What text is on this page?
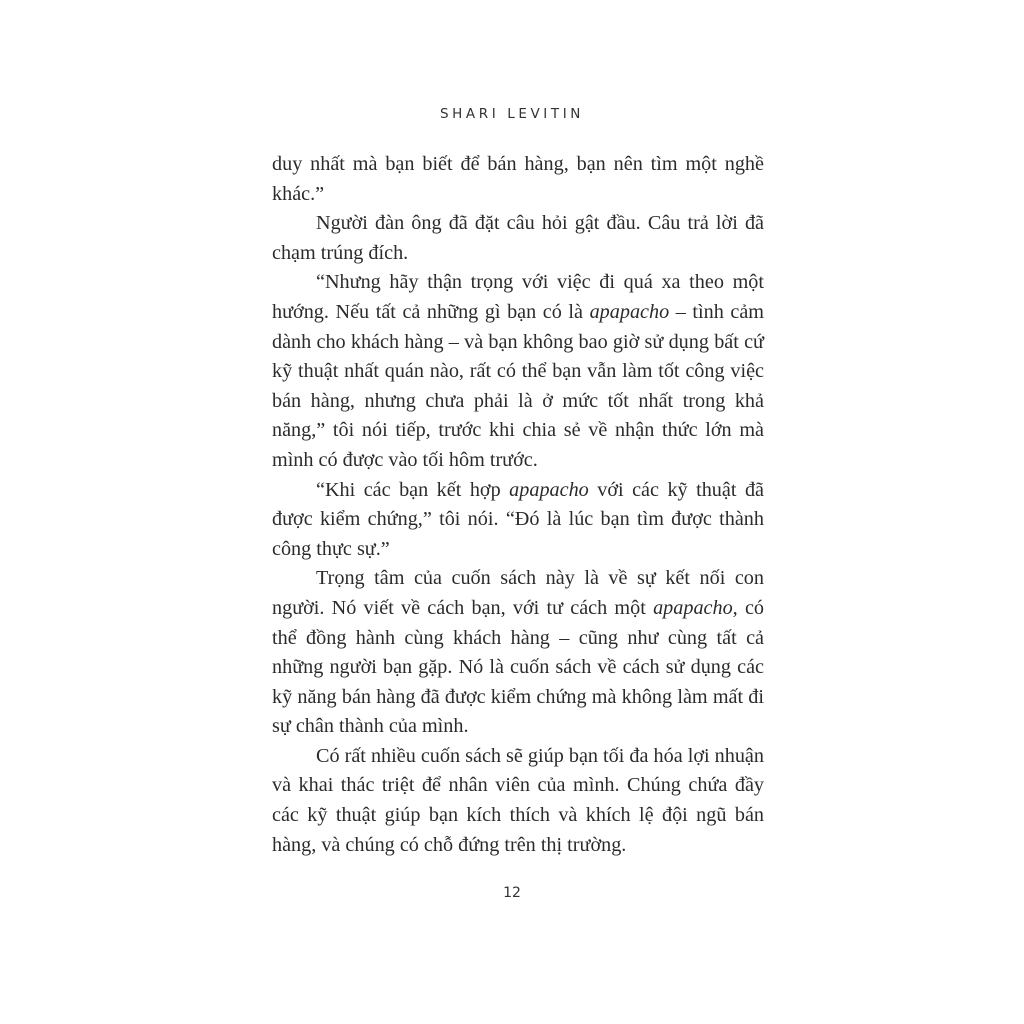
SHARI LEVITIN

duy nhất mà bạn biết để bán hàng, bạn nên tìm một nghề khác.”

Người đàn ông đã đặt câu hỏi gật đầu. Câu trả lời đã chạm trúng đích.

“Nhưng hãy thận trọng với việc đi quá xa theo một hướng. Nếu tất cả những gì bạn có là apapacho – tình cảm dành cho khách hàng – và bạn không bao giờ sử dụng bất cứ kỹ thuật nhất quán nào, rất có thể bạn vẫn làm tốt công việc bán hàng, nhưng chưa phải là ở mức tốt nhất trong khả năng,” tôi nói tiếp, trước khi chia sẻ về nhận thức lớn mà mình có được vào tối hôm trước.

“Khi các bạn kết hợp apapacho với các kỹ thuật đã được kiểm chứng,” tôi nói. “Đó là lúc bạn tìm được thành công thực sự.”

Trọng tâm của cuốn sách này là về sự kết nối con người. Nó viết về cách bạn, với tư cách một apapacho, có thể đồng hành cùng khách hàng – cũng như cùng tất cả những người bạn gặp. Nó là cuốn sách về cách sử dụng các kỹ năng bán hàng đã được kiểm chứng mà không làm mất đi sự chân thành của mình.

Có rất nhiều cuốn sách sẽ giúp bạn tối đa hóa lợi nhuận và khai thác triệt để nhân viên của mình. Chúng chứa đầy các kỹ thuật giúp bạn kích thích và khích lệ đội ngũ bán hàng, và chúng có chỗ đứng trên thị trường.

12
